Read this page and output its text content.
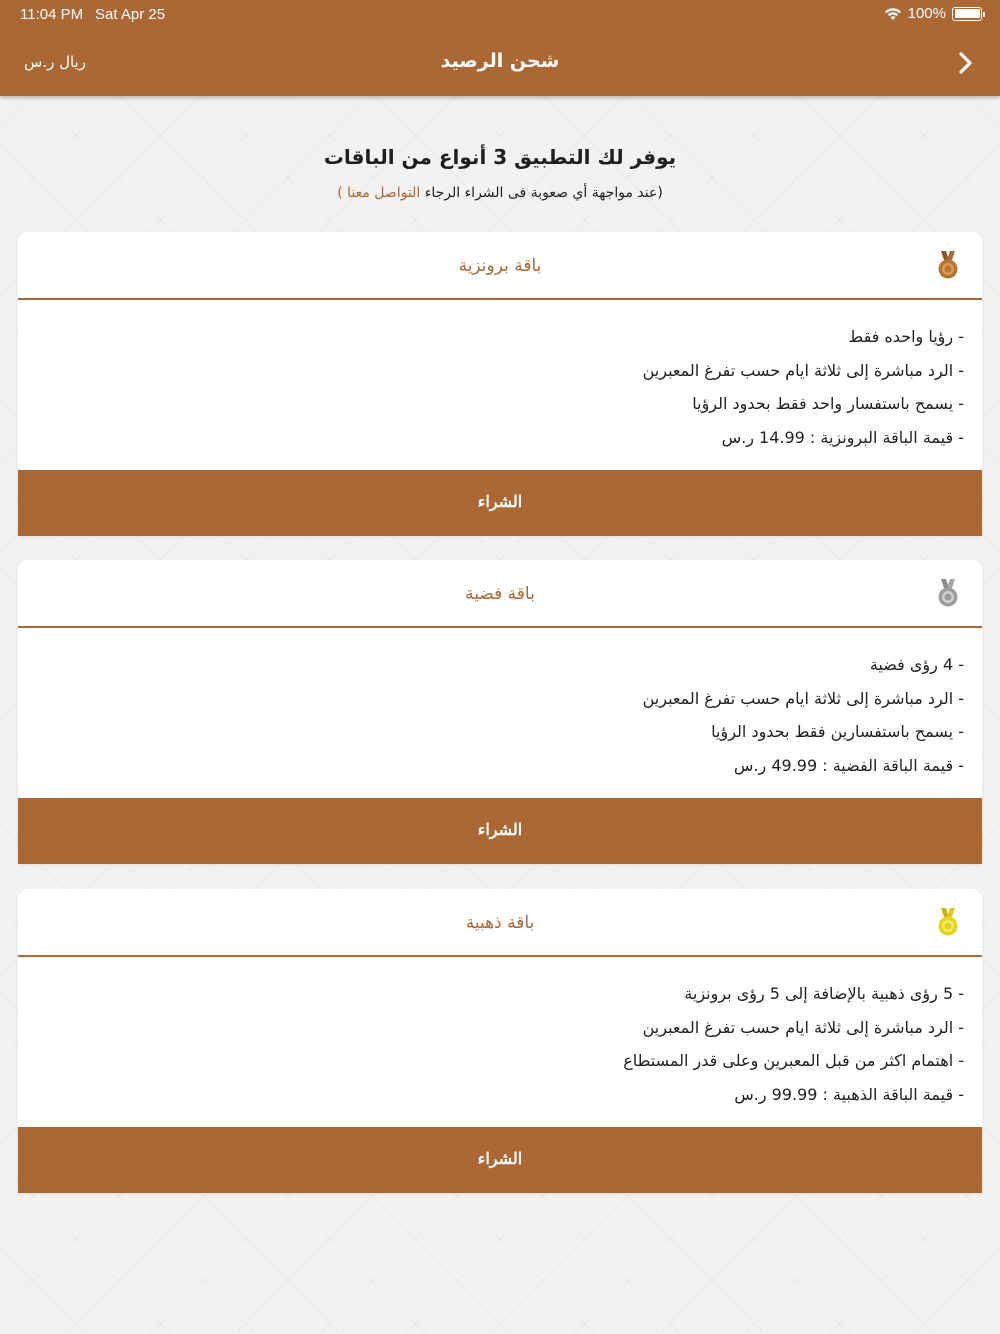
11:04 PM Sat Apr 25	100%
ريال ر.س	شحن الرصيد
يوفر لك التطبيق 3 أنواع من الباقات
(عند مواجهة أي صعوبة فى الشراء الرجاء التواصل معنا )
باقة برونزية
- رؤيا واحده فقط
- الرد مباشرة إلى ثلاثة ايام حسب تفرغ المعبرين
- يسمح باستفسار واحد فقط بحدود الرؤيا
- قيمة الباقة البرونزية : 14.99 ر.س
الشراء
باقة فضية
- 4 رؤى فضية
- الرد مباشرة إلى ثلاثة ايام حسب تفرغ المعبرين
- يسمح باستفسارين فقط بحدود الرؤيا
- قيمة الباقة الفضية : 49.99 ر.س
الشراء
باقة ذهبية
- 5 رؤى ذهبية بالإضافة إلى 5 رؤى برونزية
- الرد مباشرة إلى ثلاثة ايام حسب تفرغ المعبرين
- اهتمام اكثر من قبل المعبرين وعلى قدر المستطاع
- قيمة الباقة الذهبية : 99.99 ر.س
الشراء
